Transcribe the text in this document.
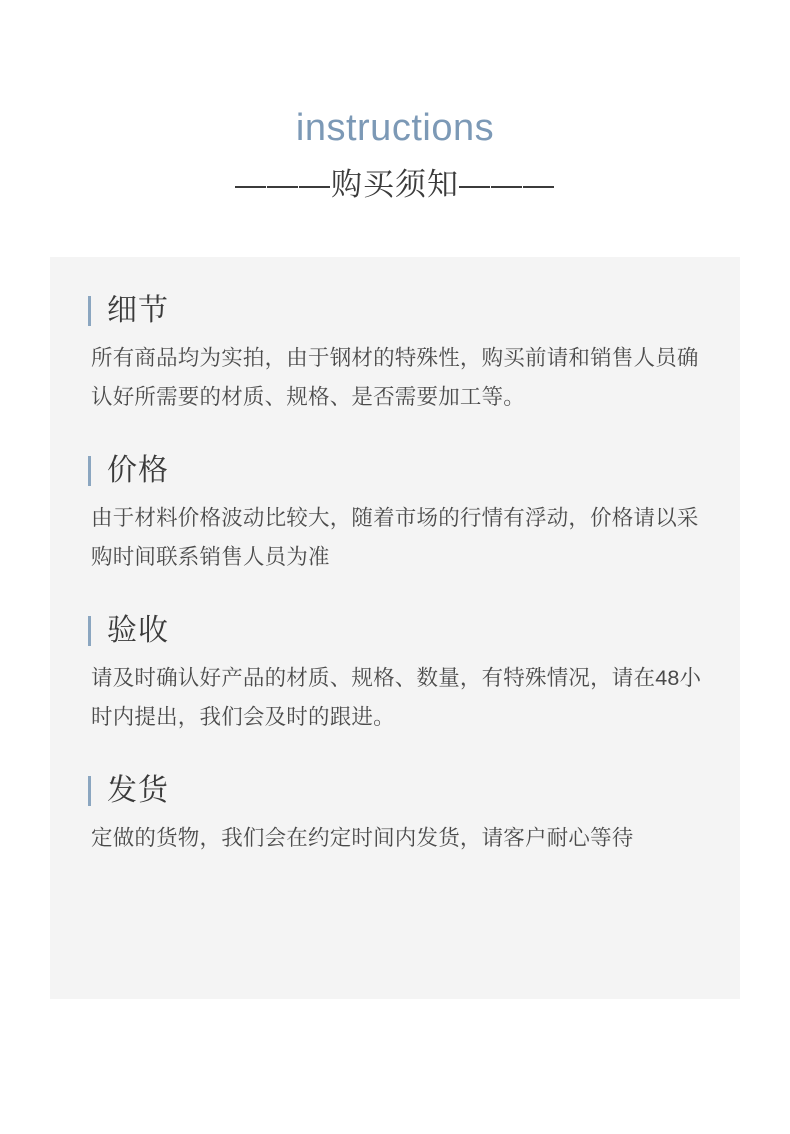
instructions
———购买须知———
细节
所有商品均为实拍，由于钢材的特殊性，购买前请和销售人员确认好所需要的材质、规格、是否需要加工等。
价格
由于材料价格波动比较大，随着市场的行情有浮动，价格请以采购时间联系销售人员为准
验收
请及时确认好产品的材质、规格、数量，有特殊情况，请在48小时内提出，我们会及时的跟进。
发货
定做的货物，我们会在约定时间内发货，请客户耐心等待
